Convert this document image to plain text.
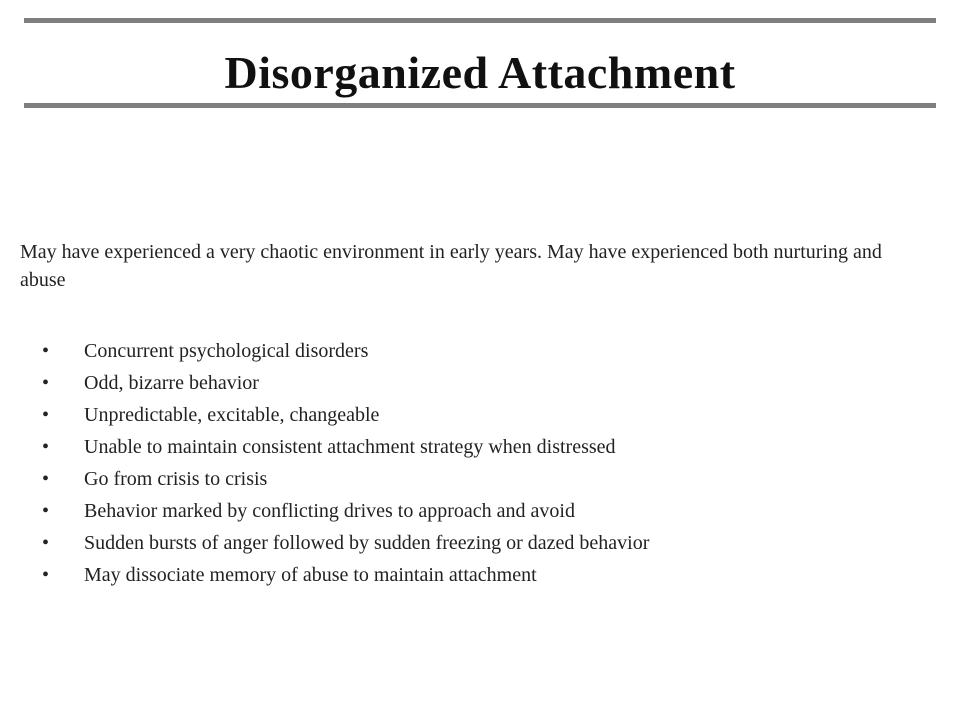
Disorganized Attachment
May have experienced a very chaotic environment in early years. May have experienced both nurturing and abuse
•	Concurrent psychological disorders
•	Odd, bizarre behavior
•	Unpredictable, excitable, changeable
•	Unable to maintain consistent attachment strategy when distressed
•	Go from crisis to crisis
•	Behavior marked by conflicting drives to approach and avoid
•	Sudden bursts of anger followed by sudden freezing or dazed behavior
•	May dissociate memory of abuse to maintain attachment
